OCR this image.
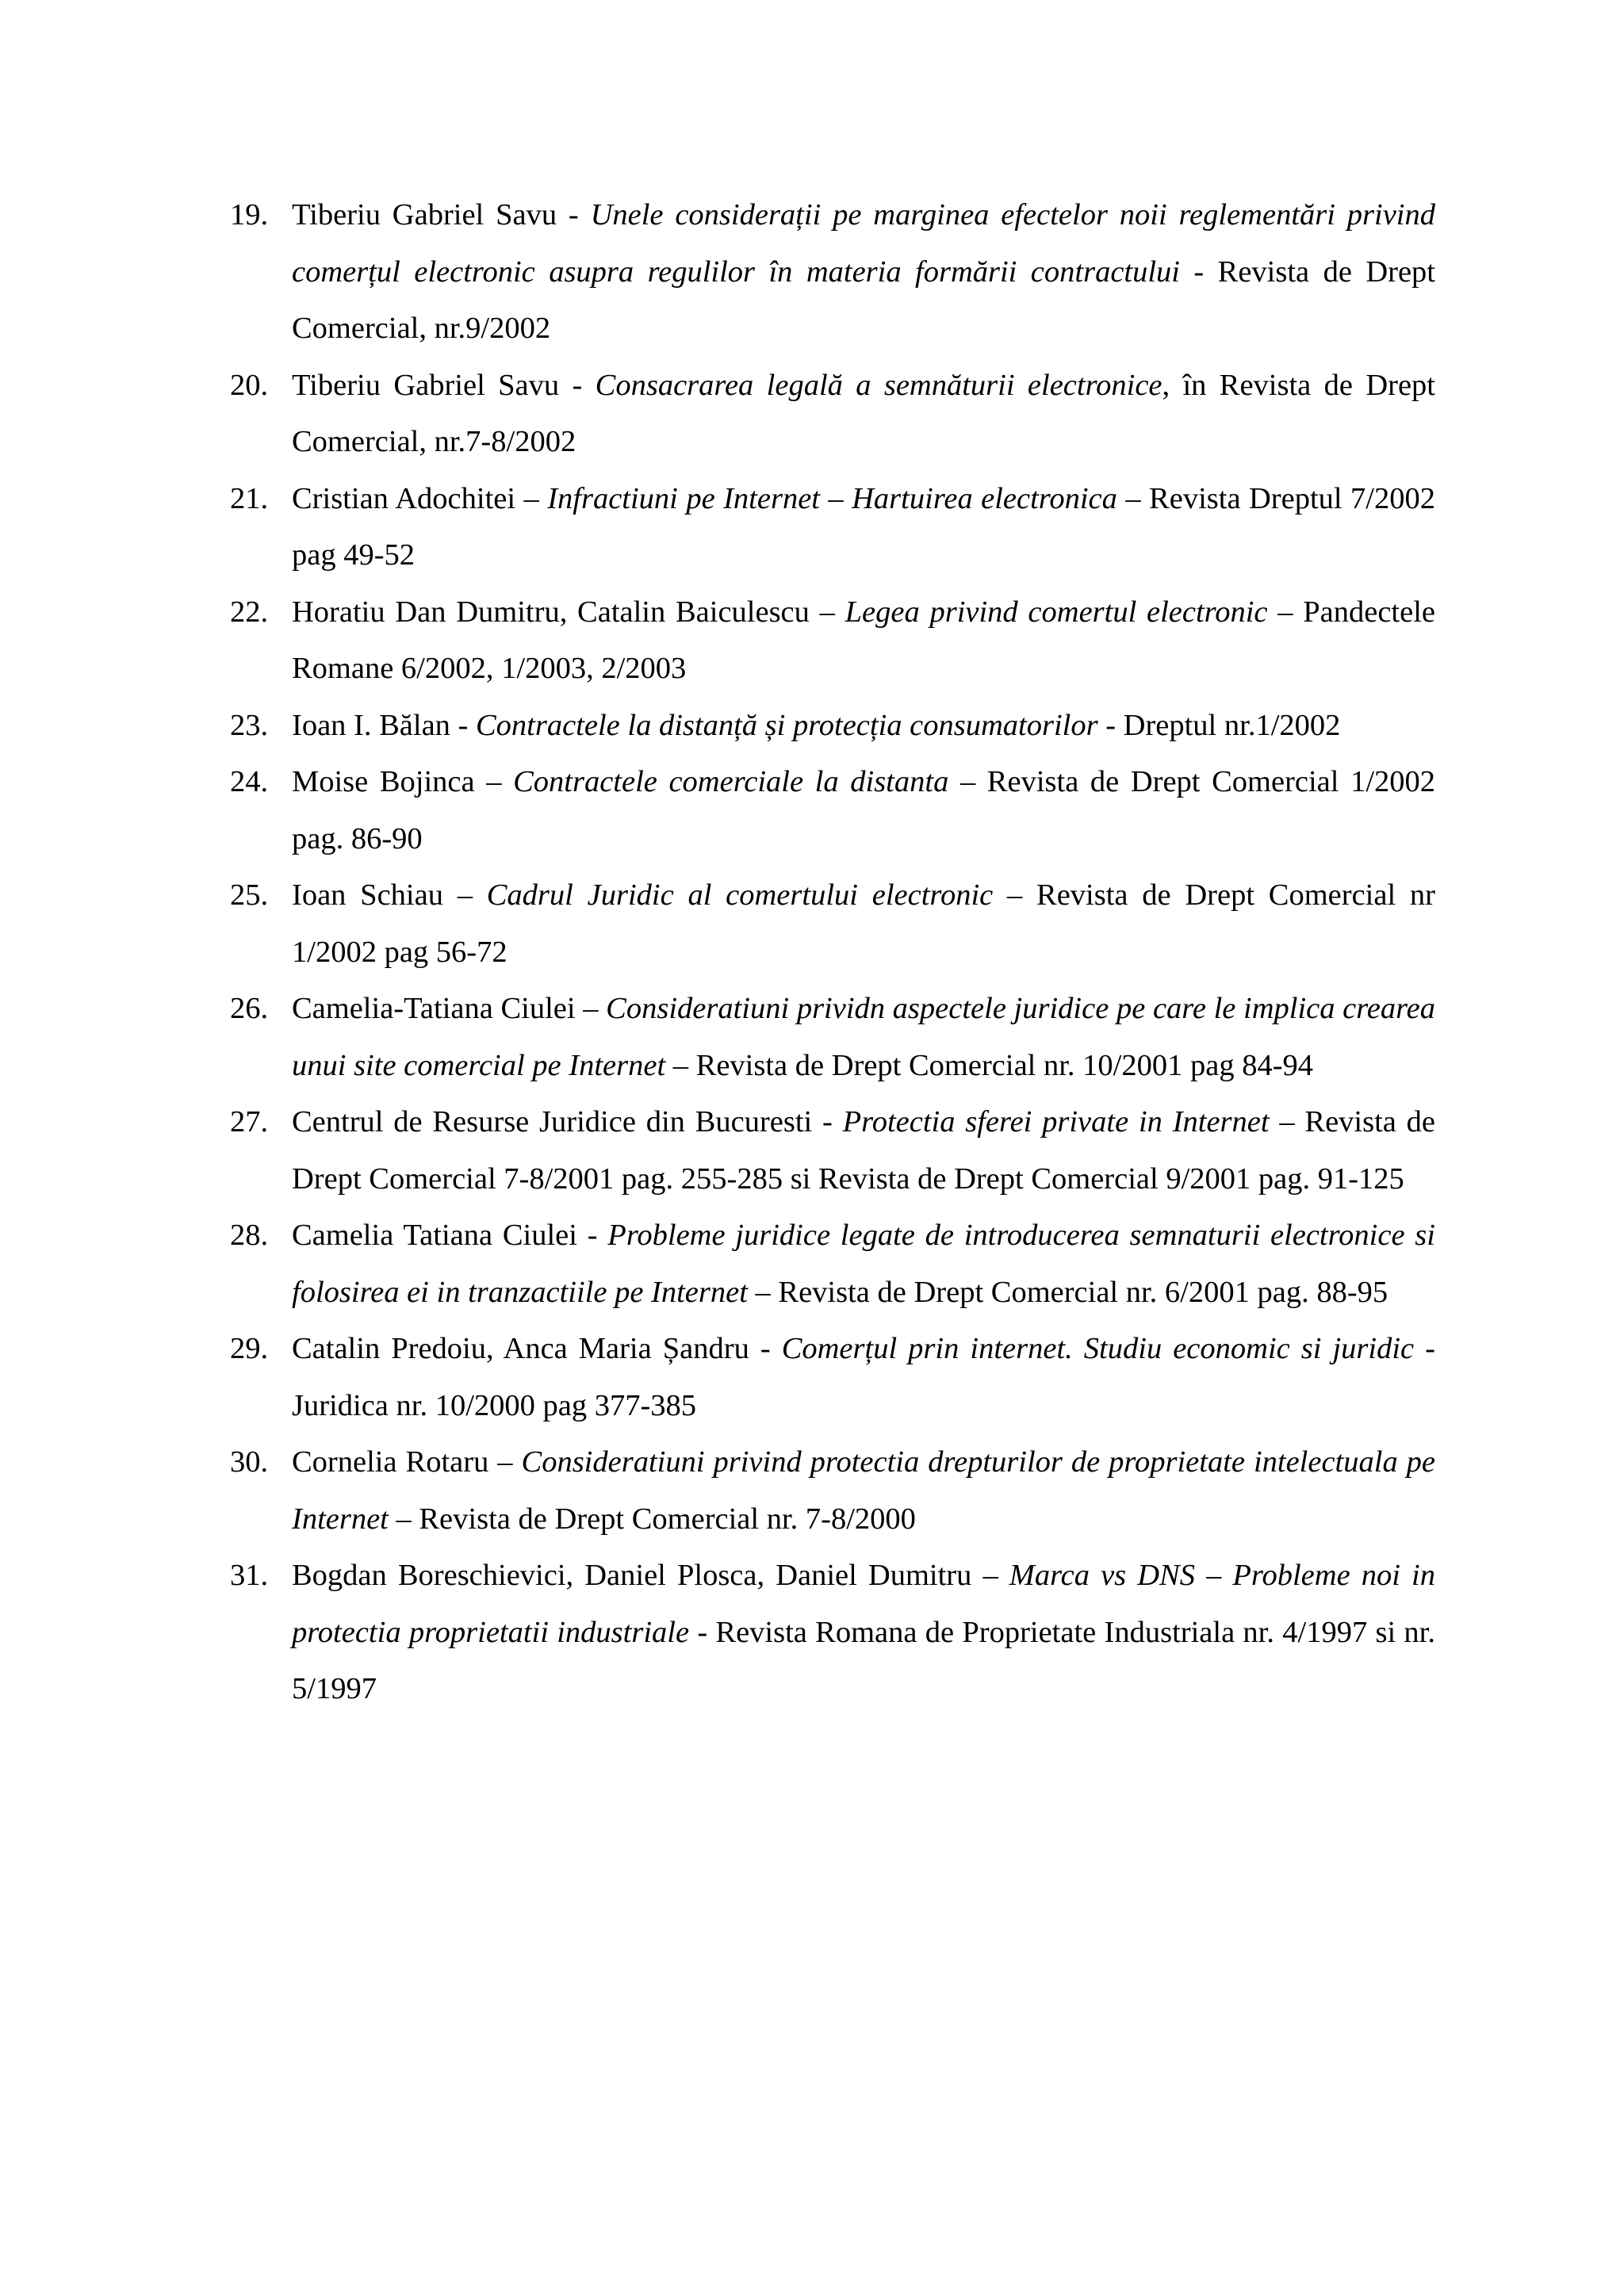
19. Tiberiu Gabriel Savu - Unele considerații pe marginea efectelor noii reglementări privind comerțul electronic asupra regulilor în materia formării contractului - Revista de Drept Comercial, nr.9/2002
20. Tiberiu Gabriel Savu - Consacrarea legală a semnăturii electronice, în Revista de Drept Comercial, nr.7-8/2002
21. Cristian Adochitei – Infractiuni pe Internet – Hartuirea electronica – Revista Dreptul 7/2002 pag 49-52
22. Horatiu Dan Dumitru, Catalin Baiculescu – Legea privind comertul electronic – Pandectele Romane 6/2002, 1/2003, 2/2003
23. Ioan I. Bălan - Contractele la distanță și protecția consumatorilor - Dreptul nr.1/2002
24. Moise Bojinca – Contractele comerciale la distanta – Revista de Drept Comercial 1/2002 pag. 86-90
25. Ioan Schiau – Cadrul Juridic al comertului electronic – Revista de Drept Comercial nr 1/2002 pag 56-72
26. Camelia-Tatiana Ciulei – Consideratiuni prividn aspectele juridice pe care le implica crearea unui site comercial pe Internet – Revista de Drept Comercial nr. 10/2001 pag 84-94
27. Centrul de Resurse Juridice din Bucuresti - Protectia sferei private in Internet – Revista de Drept Comercial 7-8/2001 pag. 255-285 si Revista de Drept Comercial 9/2001 pag. 91-125
28. Camelia Tatiana Ciulei - Probleme juridice legate de introducerea semnaturii electronice si folosirea ei in tranzactiile pe Internet – Revista de Drept Comercial nr. 6/2001 pag. 88-95
29. Catalin Predoiu, Anca Maria Șandru - Comerțul prin internet. Studiu economic si juridic - Juridica nr. 10/2000 pag 377-385
30. Cornelia Rotaru – Consideratiuni privind protectia drepturilor de proprietate intelectuala pe Internet – Revista de Drept Comercial nr. 7-8/2000
31. Bogdan Boreschievici, Daniel Plosca, Daniel Dumitru – Marca vs DNS – Probleme noi in protectia proprietatii industriale - Revista Romana de Proprietate Industriala nr. 4/1997 si nr. 5/1997
